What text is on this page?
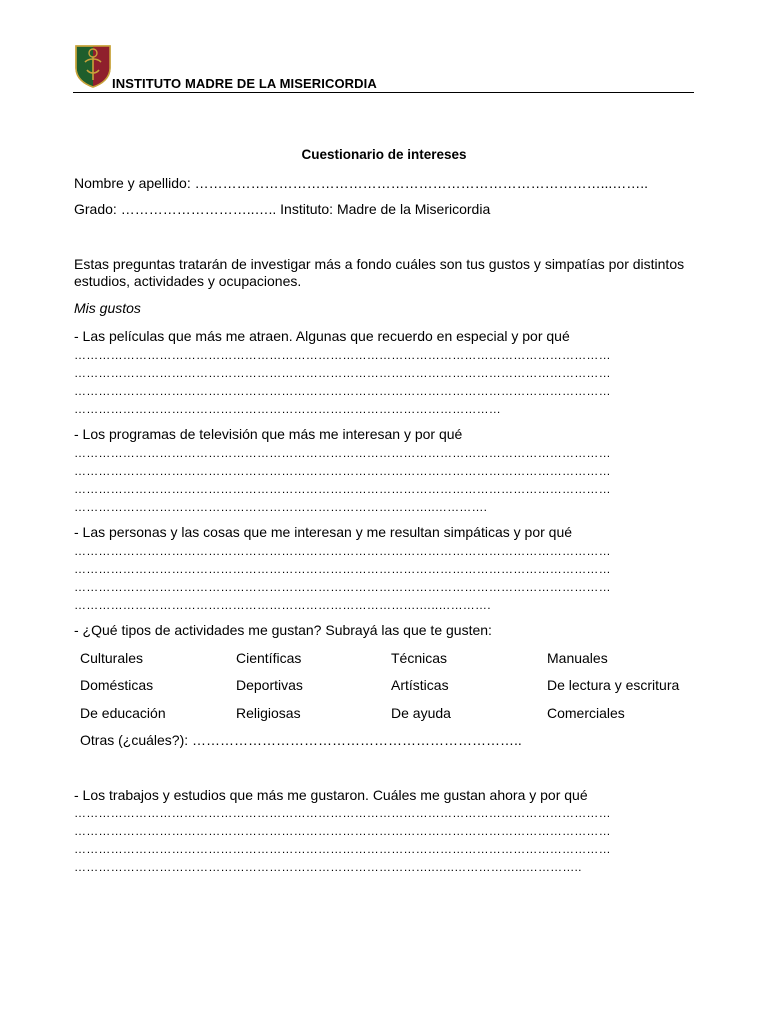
INSTITUTO MADRE DE LA MISERICORDIA
Cuestionario de intereses
Nombre y apellido: ……………………………………………………………………………...……..
Grado: ………………………..….. Instituto: Madre de la Misericordia
Estas preguntas tratarán de investigar más a fondo cuáles son tus gustos y simpatías por distintos
estudios, actividades y ocupaciones.
Mis gustos
- Las películas que más me atraen. Algunas que recuerdo en especial y por qué
……………………………………………………………………………………………………………………
……………………………………………………………………………………………………………………
……………………………………………………………………………………………………………………
……………………………………………………………………………………………
- Los programas de televisión que más me interesan y por qué
……………………………………………………………………………………………………………………
……………………………………………………………………………………………………………………
……………………………………………………………………………………………………………………
……………………………………………………………………………..………….
- Las personas y las cosas que me interesan y me resultan simpáticas y por qué
……………………………………………………………………………………………………………………
……………………………………………………………………………………………………………………
……………………………………………………………………………………………………………………
………………………………………………………………………….…..………….
- ¿Qué tipos de actividades me gustan? Subrayá las que te gusten:
Culturales	Científicas	Técnicas	Manuales
Domésticas	Deportivas	Artísticas	De lectura y escritura
De educación	Religiosas	De ayuda	Comerciales
Otras (¿cuáles?): ……………………………………………………………..
- Los trabajos y estudios que más me gustaron. Cuáles me gustan ahora y por qué
……………………………………………………………………………………………………………………
……………………………………………………………………………………………………………………
……………………………………………………………………………………………………………………
……………………………………………………………………………..…..……………...…………..
